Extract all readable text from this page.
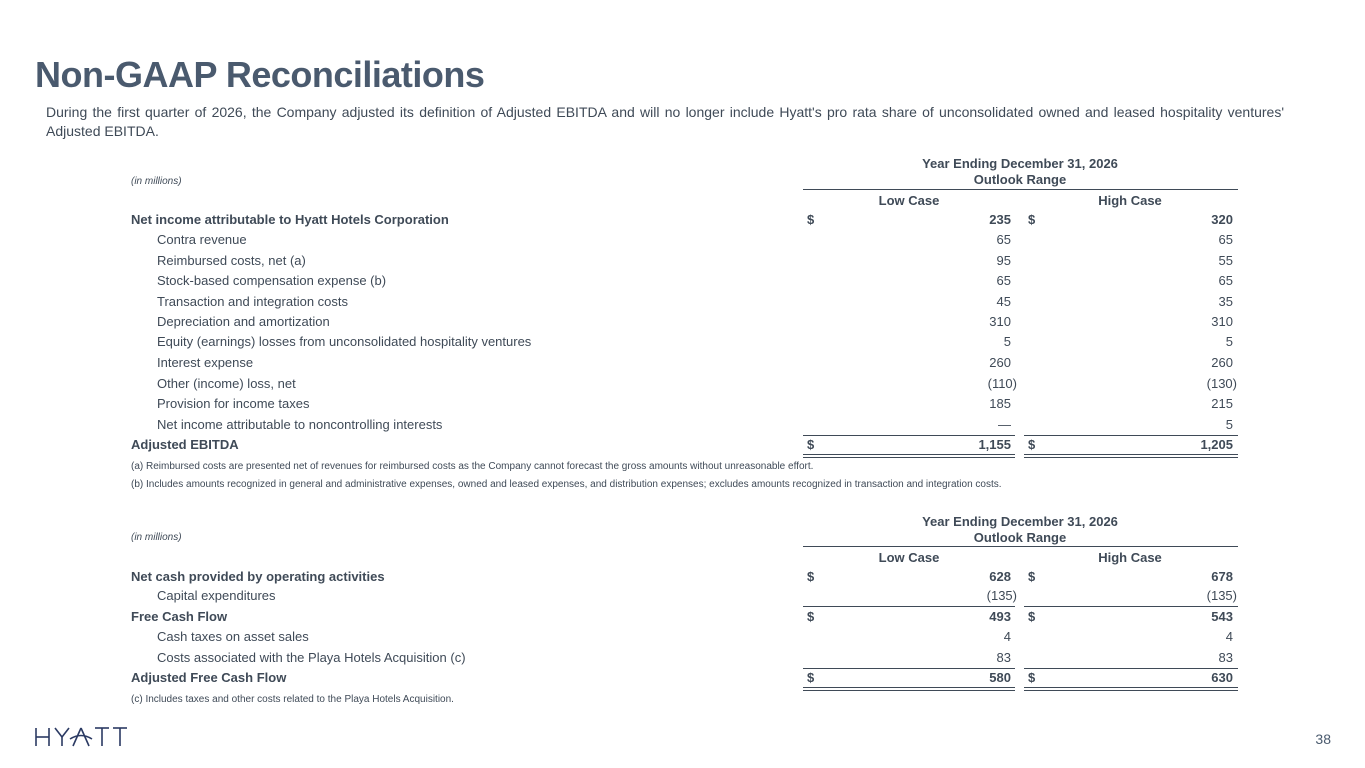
Non-GAAP Reconciliations

During the first quarter of 2026, the Company adjusted its definition of Adjusted EBITDA and will no longer include Hyatt's pro rata share of unconsolidated owned and leased hospitality ventures' Adjusted EBITDA.

Year Ending December 31, 2026
Outlook Range
(in millions)
Low Case	High Case
Net income attributable to Hyatt Hotels Corporation	$	235 $	320
Contra revenue	65	65
Reimbursed costs, net (a)	95	55
Stock-based compensation expense (b)	65	65
Transaction and integration costs	45	35
Depreciation and amortization	310	310
Equity (earnings) losses from unconsolidated hospitality ventures	5	5
Interest expense	260	260
Other (income) loss, net	(110)	(130)
Provision for income taxes	185	215
Net income attributable to noncontrolling interests	—	5
Adjusted EBITDA	$	1,155 $	1,205
(a) Reimbursed costs are presented net of revenues for reimbursed costs as the Company cannot forecast the gross amounts without unreasonable effort.
(b) Includes amounts recognized in general and administrative expenses, owned and leased expenses, and distribution expenses; excludes amounts recognized in transaction and integration costs.
Year Ending December 31, 2026
Outlook Range
(in millions)
Low Case	High Case
Net cash provided by operating activities	$	628 $	678
Capital expenditures	(135)	(135)
Free Cash Flow	$	493 $	543
Cash taxes on asset sales	4	4
Costs associated with the Playa Hotels Acquisition (c)	83	83
Adjusted Free Cash Flow	$	580 $	630
(c) Includes taxes and other costs related to the Playa Hotels Acquisition.
38
